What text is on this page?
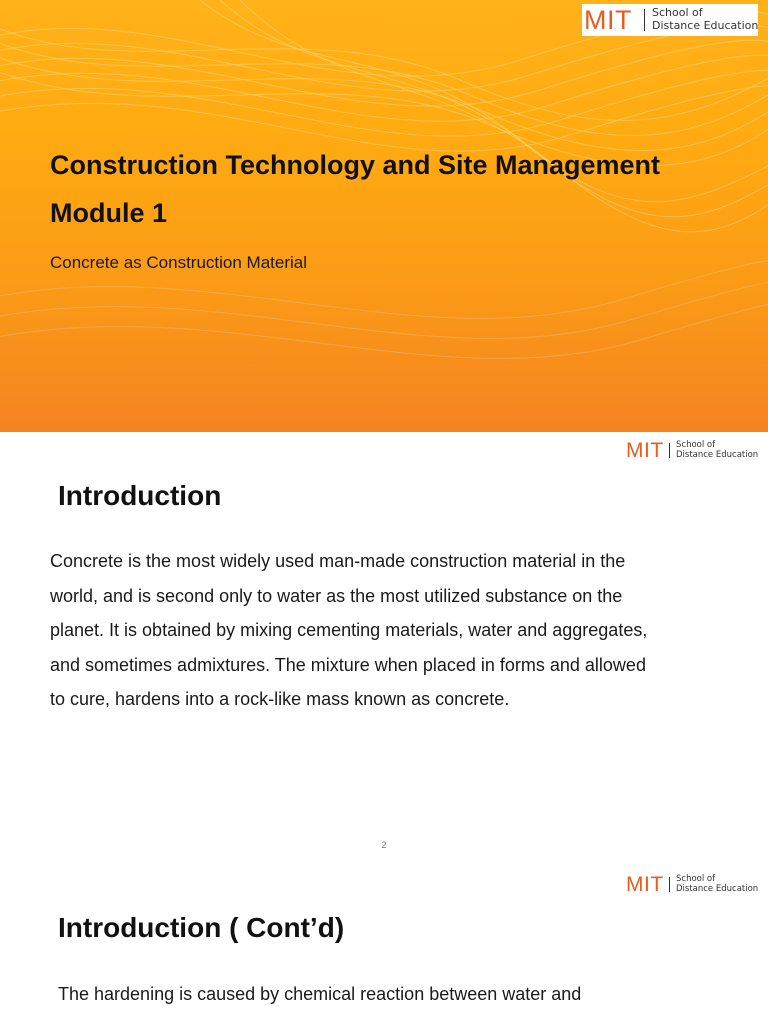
MIT School of
Distance Education
Construction Technology and Site Management
Module 1

Concrete as Construction Material

MIT School of
Distance Education
Introduction

Concrete is the most widely used man-made construction material in the
world, and is second only to water as the most utilized substance on the
planet. It is obtained by mixing cementing materials, water and aggregates,
and sometimes admixtures. The mixture when placed in forms and allowed
to cure, hardens into a rock-like mass known as concrete.

2
MIT School of
Distance Education
Introduction ( Cont’d)

The hardening is caused by chemical reaction between water and
